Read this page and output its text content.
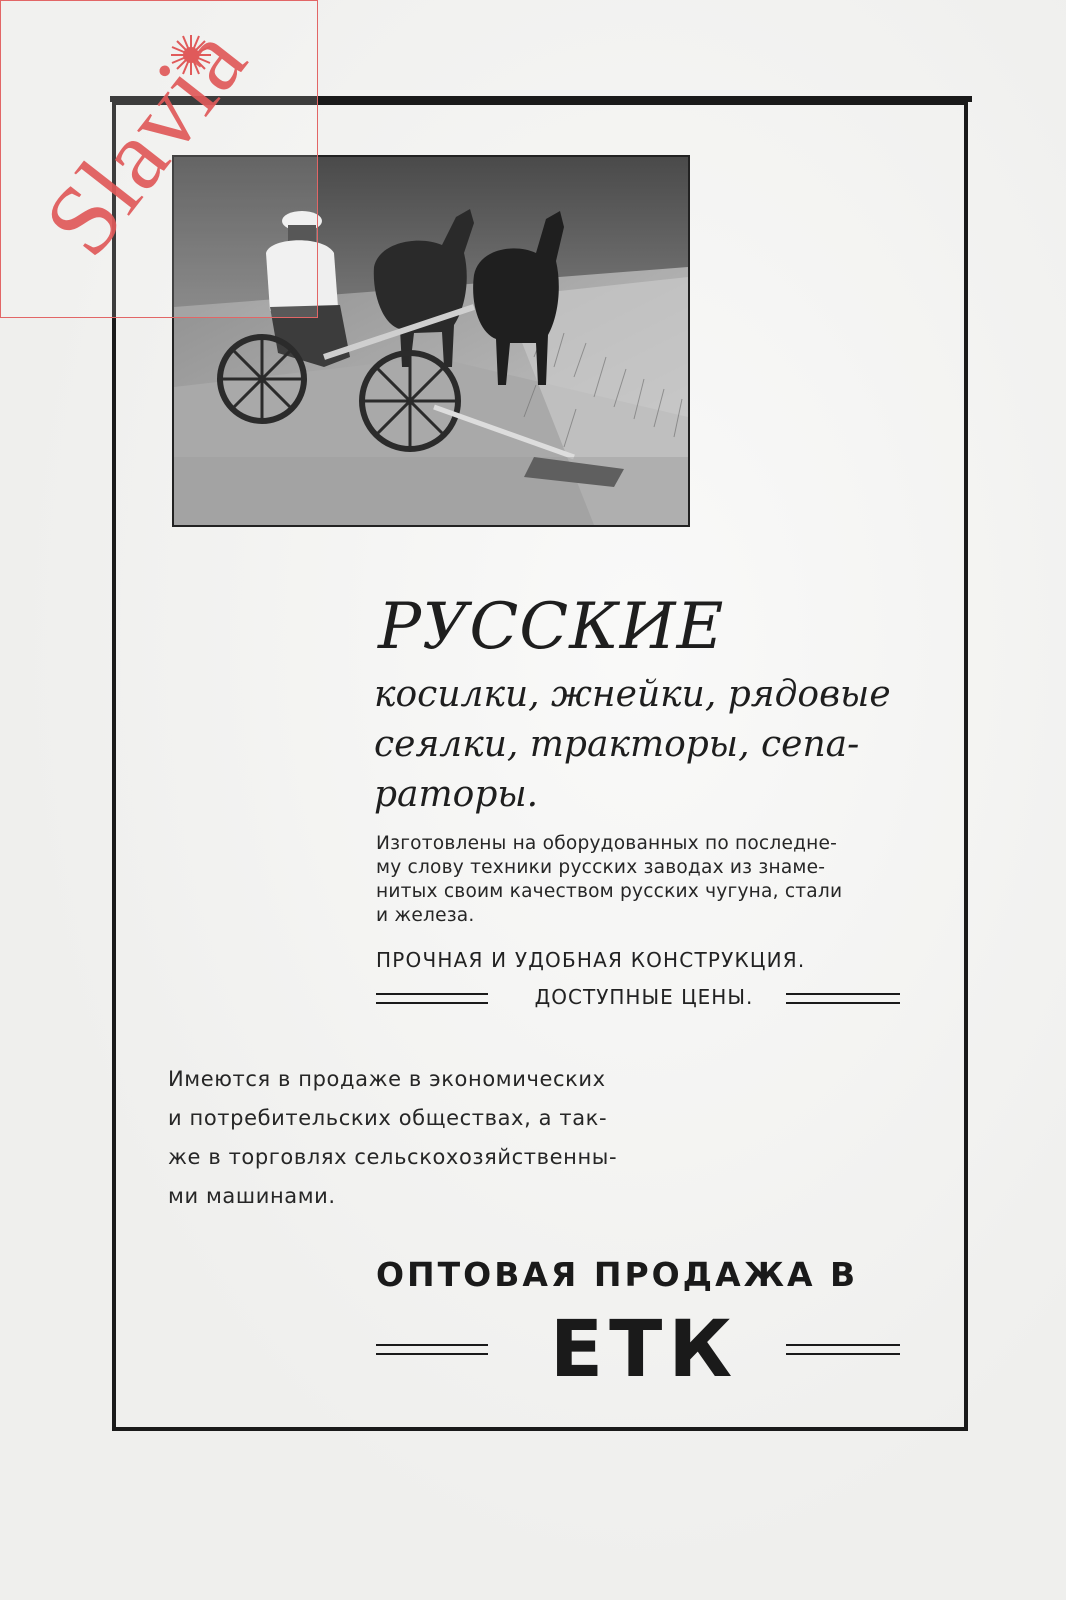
Slavia
РУССКИЕ
косилки, жнейки, рядовые
сеялки, тракторы, сепа-
раторы.
Изготовлены на оборудованных по последне-
му слову техники русских заводах из знаме-
нитых своим качеством русских чугуна, стали
и железа.
ПРОЧНАЯ И УДОБНАЯ КОНСТРУКЦИЯ.
ДОСТУПНЫЕ ЦЕНЫ.
Имеются в продаже в экономических
и потребительских обществах, а так-
же в торговлях сельскохозяйственны-
ми машинами.
ОПТОВАЯ ПРОДАЖА В
ЕТК
